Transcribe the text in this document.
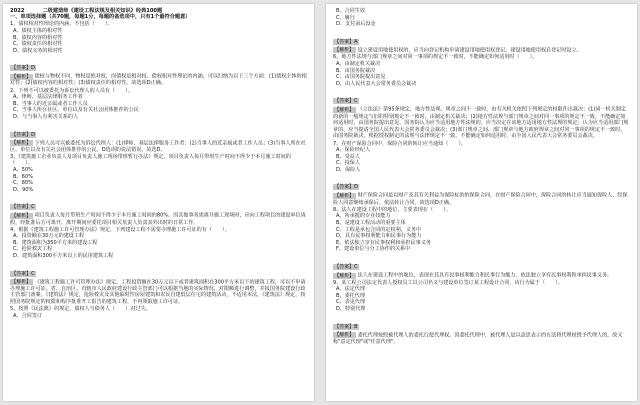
2022	二级建造师《建设工程法规及相关知识》经典100题
一、单项选择题（共70题，每题1分，每题的备选项中，只有1个最符合题意）
1、债权相对性理论的内涵，不包括（　　）。
A、债权主体的相对性
B、债权内容的相对性
C、债权责任的相对性
D、债权义务的相对性
【答案】D
【解析】 债权与物权不同，物权是绝对权，而债权是相对权。债权相对性理论的内涵，可以归纳为以下三个方面：(1)债权主体的相对性；(2)债权内容的相对性；(3)债权责任的相对性。故选项D正确。
2、下列不可以被委托为诉讼代理人的人员有（　　）。
A、律师、基层法律服务工作者
B、当事人的近亲属或者工作人员
C、当事人所在社区、单位以及有关社会团体推荐的公民
D、与当事人有利害关系的人
【答案】D
【解析】 下列人员可以被委托为诉讼代理人：(1)律师、基层法律服务工作者；(2)当事人的近亲属或者工作人员；(3)当事人所在社区、单位以及有关社会团体推荐的公民。D选项的说法错误，故选D。
3、《建筑施工企业负责人及项目负责人施工现场带班暂行办法》规定，项目负责人每月带班生产时间不得少于本月施工时间的（　　）。
A、50%
B、60%
C、80%
D、90%
【答案】C
【解析】 项目负责人每月带班生产时间不得少于本月施工时间的80%。因其他事务需离开施工现场时，应向工程项目的建设单位请假，经批准后方可离开。离开期间应委托项目相关负责人负责其外出时的日常工作。
4、根据《建筑工程施工许可管理办法》规定，下列建设工程不需要办理施工许可证的有（　　）。
A、投资额在30万元的建设工程
B、建筑面积为350平方米的建设工程
C、抢险救灾工程
D、建筑面积300平方米以上的民用建筑工程
【答案】C
【解析】 《建筑工程施工许可管理办法》规定，工程投资额在30万元以下或者建筑面积在300平方米以下的建筑工程，可以不申请办理施工许可证。省、自治区、直辖市人民政府建设行政主管部门可以根据当地的实际情况，对限额进行调整，并报国务院建设行政主管部门备案。《建筑法》规定，抢险救灾及其他临时性房屋建筑和农民自建低层住宅的建筑活动，不适用本法。《建筑法》规定，按照国务院规定的权限和程序批准开工报告的建筑工程，不再领取施工许可证。
5、按照《民法典》的规定，债权人与债务人（　　）对过失。
A、合同签订
B、合同生效
C、履行
D、支付前后设金
【答案】A
【解析】 设立建设用地使用权的，应当向登记机构申请建设用地使用权登记。建设用地使用权自登记时设立。
6、地方性法规与部门规章之间对同一事项的规定不一致时，不能确定如何适用时（　　）。
A、由制定机关裁决
B、由国务院裁决
C、由国务院提出意见
D、由人民代表大会常务委员会裁决
【答案】C
【解析】 《立法法》第95条规定，地方性法规、规章之间不一致时，由有关机关依照下列规定的权限作出裁决：(1)同一机关制定的新的一般规定与旧的特别规定不一致时，由制定机关裁决；(2)地方性法规与部门规章之间对同一事项的规定不一致，不能确定如何适用时，由国务院提出意见，国务院认为应当适用地方性法规的，应当决定在该地方适用地方性法规的规定；认为应当适用部门规章的，应当提请全国人民代表大会常务委员会裁决；(3)部门规章之间、部门规章与地方政府规章之间对同一事项的规定不一致时，由国务院裁决。根据授权制定的法规与法律规定不一致，不能确定如何适用时，由全国人民代表大会常务委员会裁决。
7、在财产保险合同中，保险合同的转让应当通知（　　）。
A、保险经纪人
B、受益人
C、投保人
D、保险人
【答案】D
【解析】 财产保险合同是以财产及其有关利益为保险标的的保险合同，在财产保险合同中，保险合同的转让应当通知保险人，经保险人同意继续承保后，依法转让合同。故选项D正确。
8、法人在建设工程中的地位，主要表现在（　　）。
A、所承揽的专业技能力
B、是建设工程活动的重要主体
C、工程是承包合同的定权利、义务中
D、具有民事权利能力和民事行为能力
E、依法独立享有民事权利和承担民事义务
F、建设单位与分工协作的关系中
【答案】C
【解析】 法人在建设工程中的地位，表现在其具有民事权利能力和民事行为能力，依法独立享有民事权利和承担民事义务。
9、某工程公司法定代表人授权员工以公司名义与建设单位签订某工程设计合同，该行为属于（　　）。
A、法定代理
B、委托代理
C、表见代理
D、特别代理
【答案】B
【解析】 委托代理按照被代理人的委托行使代理权。因委托代理中，被代理人是以意思表示的方法将代理权授予代理人的，故又称"意定代理"或"任意代理"。
